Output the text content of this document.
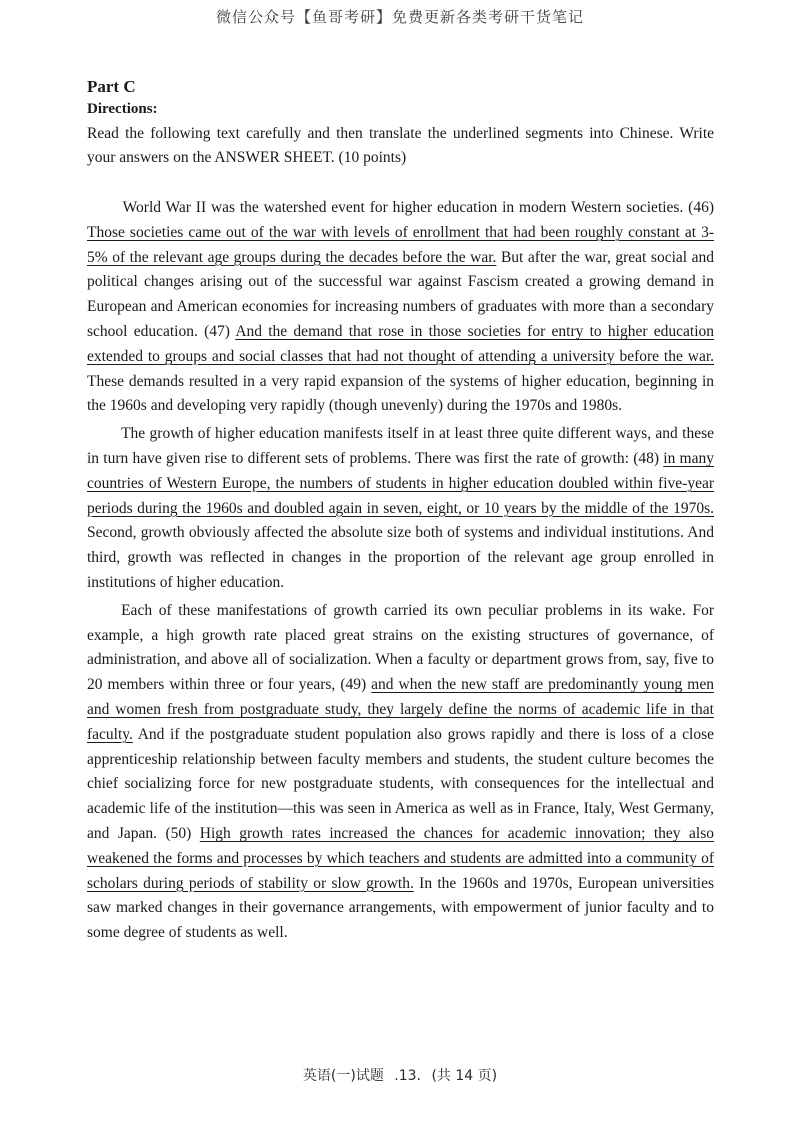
微信公众号【鱼哥考研】免费更新各类考研干货笔记
Part C
Directions:
Read the following text carefully and then translate the underlined segments into Chinese. Write your answers on the ANSWER SHEET. (10 points)

World War II was the watershed event for higher education in modern Western societies. (46) Those societies came out of the war with levels of enrollment that had been roughly constant at 3-5% of the relevant age groups during the decades before the war. But after the war, great social and political changes arising out of the successful war against Fascism created a growing demand in European and American economies for increasing numbers of graduates with more than a secondary school education. (47) And the demand that rose in those societies for entry to higher education extended to groups and social classes that had not thought of attending a university before the war. These demands resulted in a very rapid expansion of the systems of higher education, beginning in the 1960s and developing very rapidly (though unevenly) during the 1970s and 1980s.

The growth of higher education manifests itself in at least three quite different ways, and these in turn have given rise to different sets of problems. There was first the rate of growth: (48) in many countries of Western Europe, the numbers of students in higher education doubled within five-year periods during the 1960s and doubled again in seven, eight, or 10 years by the middle of the 1970s. Second, growth obviously affected the absolute size both of systems and individual institutions. And third, growth was reflected in changes in the proportion of the relevant age group enrolled in institutions of higher education.

Each of these manifestations of growth carried its own peculiar problems in its wake. For example, a high growth rate placed great strains on the existing structures of governance, of administration, and above all of socialization. When a faculty or department grows from, say, five to 20 members within three or four years, (49) and when the new staff are predominantly young men and women fresh from postgraduate study, they largely define the norms of academic life in that faculty. And if the postgraduate student population also grows rapidly and there is loss of a close apprenticeship relationship between faculty members and students, the student culture becomes the chief socializing force for new postgraduate students, with consequences for the intellectual and academic life of the institution—this was seen in America as well as in France, Italy, West Germany, and Japan. (50) High growth rates increased the chances for academic innovation; they also weakened the forms and processes by which teachers and students are admitted into a community of scholars during periods of stability or slow growth. In the 1960s and 1970s, European universities saw marked changes in their governance arrangements, with empowerment of junior faculty and to some degree of students as well.

英语(一)试题 .13. (共 14 页)
